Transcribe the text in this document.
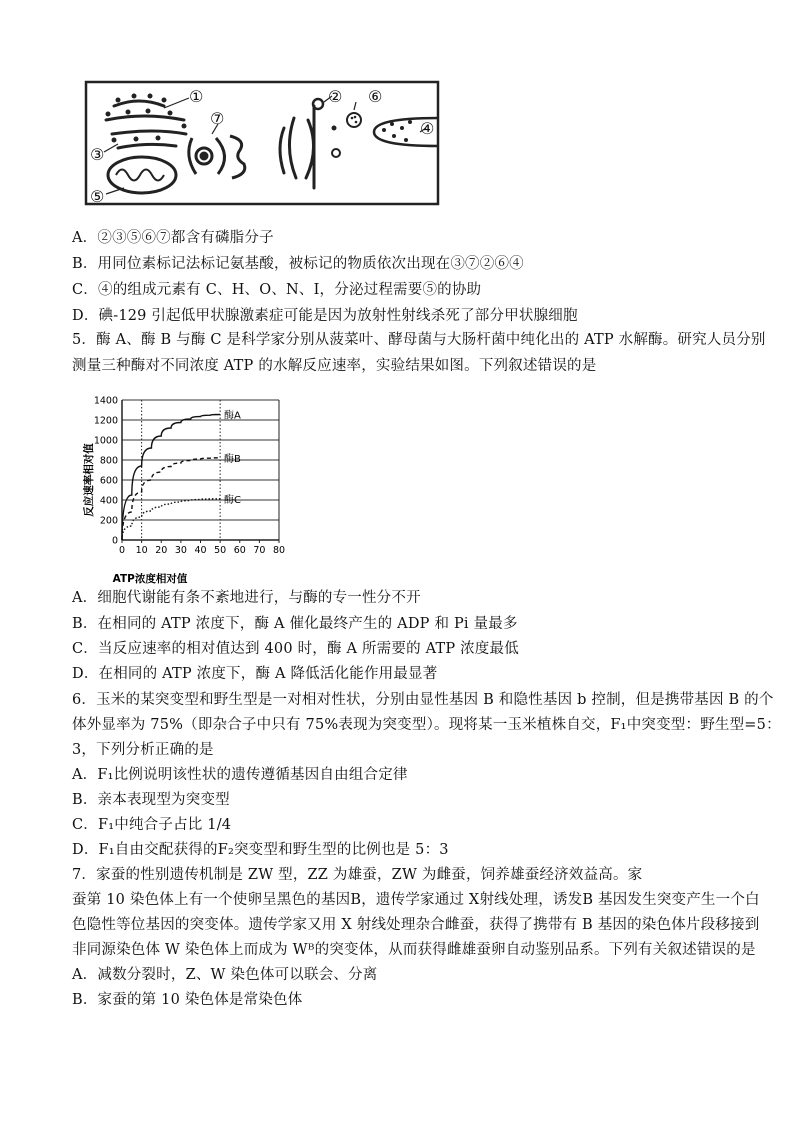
①	②
③
④
⑤
⑥
⑦
A．②③⑤⑥⑦都含有磷脂分子
B．用同位素标记法标记氨基酸，被标记的物质依次出现在③⑦②⑥④
C．④的组成元素有 C、H、O、N、I，分泌过程需要⑤的协助
D．碘-129 引起低甲状腺激素症可能是因为放射性射线杀死了部分甲状腺细胞
5．酶 A、酶 B 与酶 C 是科学家分别从菠菜叶、酵母菌与大肠杆菌中纯化出的 ATP 水解酶。研究人员分别
测量三种酶对不同浓度 ATP 的水解反应速率，实验结果如图。下列叙述错误的是
0
200
400
600
800
1000
1200
1400
0 10 20 30 40 50 60 70 80
酶A
酶B
酶C
ATP浓度相对值
反应速率相对值
A．细胞代谢能有条不紊地进行，与酶的专一性分不开
B．在相同的 ATP 浓度下，酶 A 催化最终产生的 ADP 和 Pi 量最多
C．当反应速率的相对值达到 400 时，酶 A 所需要的 ATP 浓度最低
D．在相同的 ATP 浓度下，酶 A 降低活化能作用最显著
6．玉米的某突变型和野生型是一对相对性状，分别由显性基因 B 和隐性基因 b 控制，但是携带基因 B 的个
体外显率为 75%（即杂合子中只有 75%表现为突变型）。现将某一玉米植株自交，F₁中突变型：野生型=5：
3，下列分析正确的是
A．F₁比例说明该性状的遗传遵循基因自由组合定律
B．亲本表现型为突变型
C．F₁中纯合子占比 1/4
D．F₁自由交配获得的F₂突变型和野生型的比例也是 5：3
7．家蚕的性别遗传机制是 ZW 型，ZZ 为雄蚕，ZW 为雌蚕，饲养雄蚕经济效益高。家
蚕第 10 染色体上有一个使卵呈黑色的基因B，遗传学家通过 X射线处理，诱发B 基因发生突变产生一个白
色隐性等位基因的突变体。遗传学家又用 X 射线处理杂合雌蚕，获得了携带有 B 基因的染色体片段移接到
非同源染色体 W 染色体上而成为 Wᴮ的突变体，从而获得雌雄蚕卵自动鉴别品系。下列有关叙述错误的是
A．减数分裂时，Z、W 染色体可以联会、分离
B．家蚕的第 10 染色体是常染色体
